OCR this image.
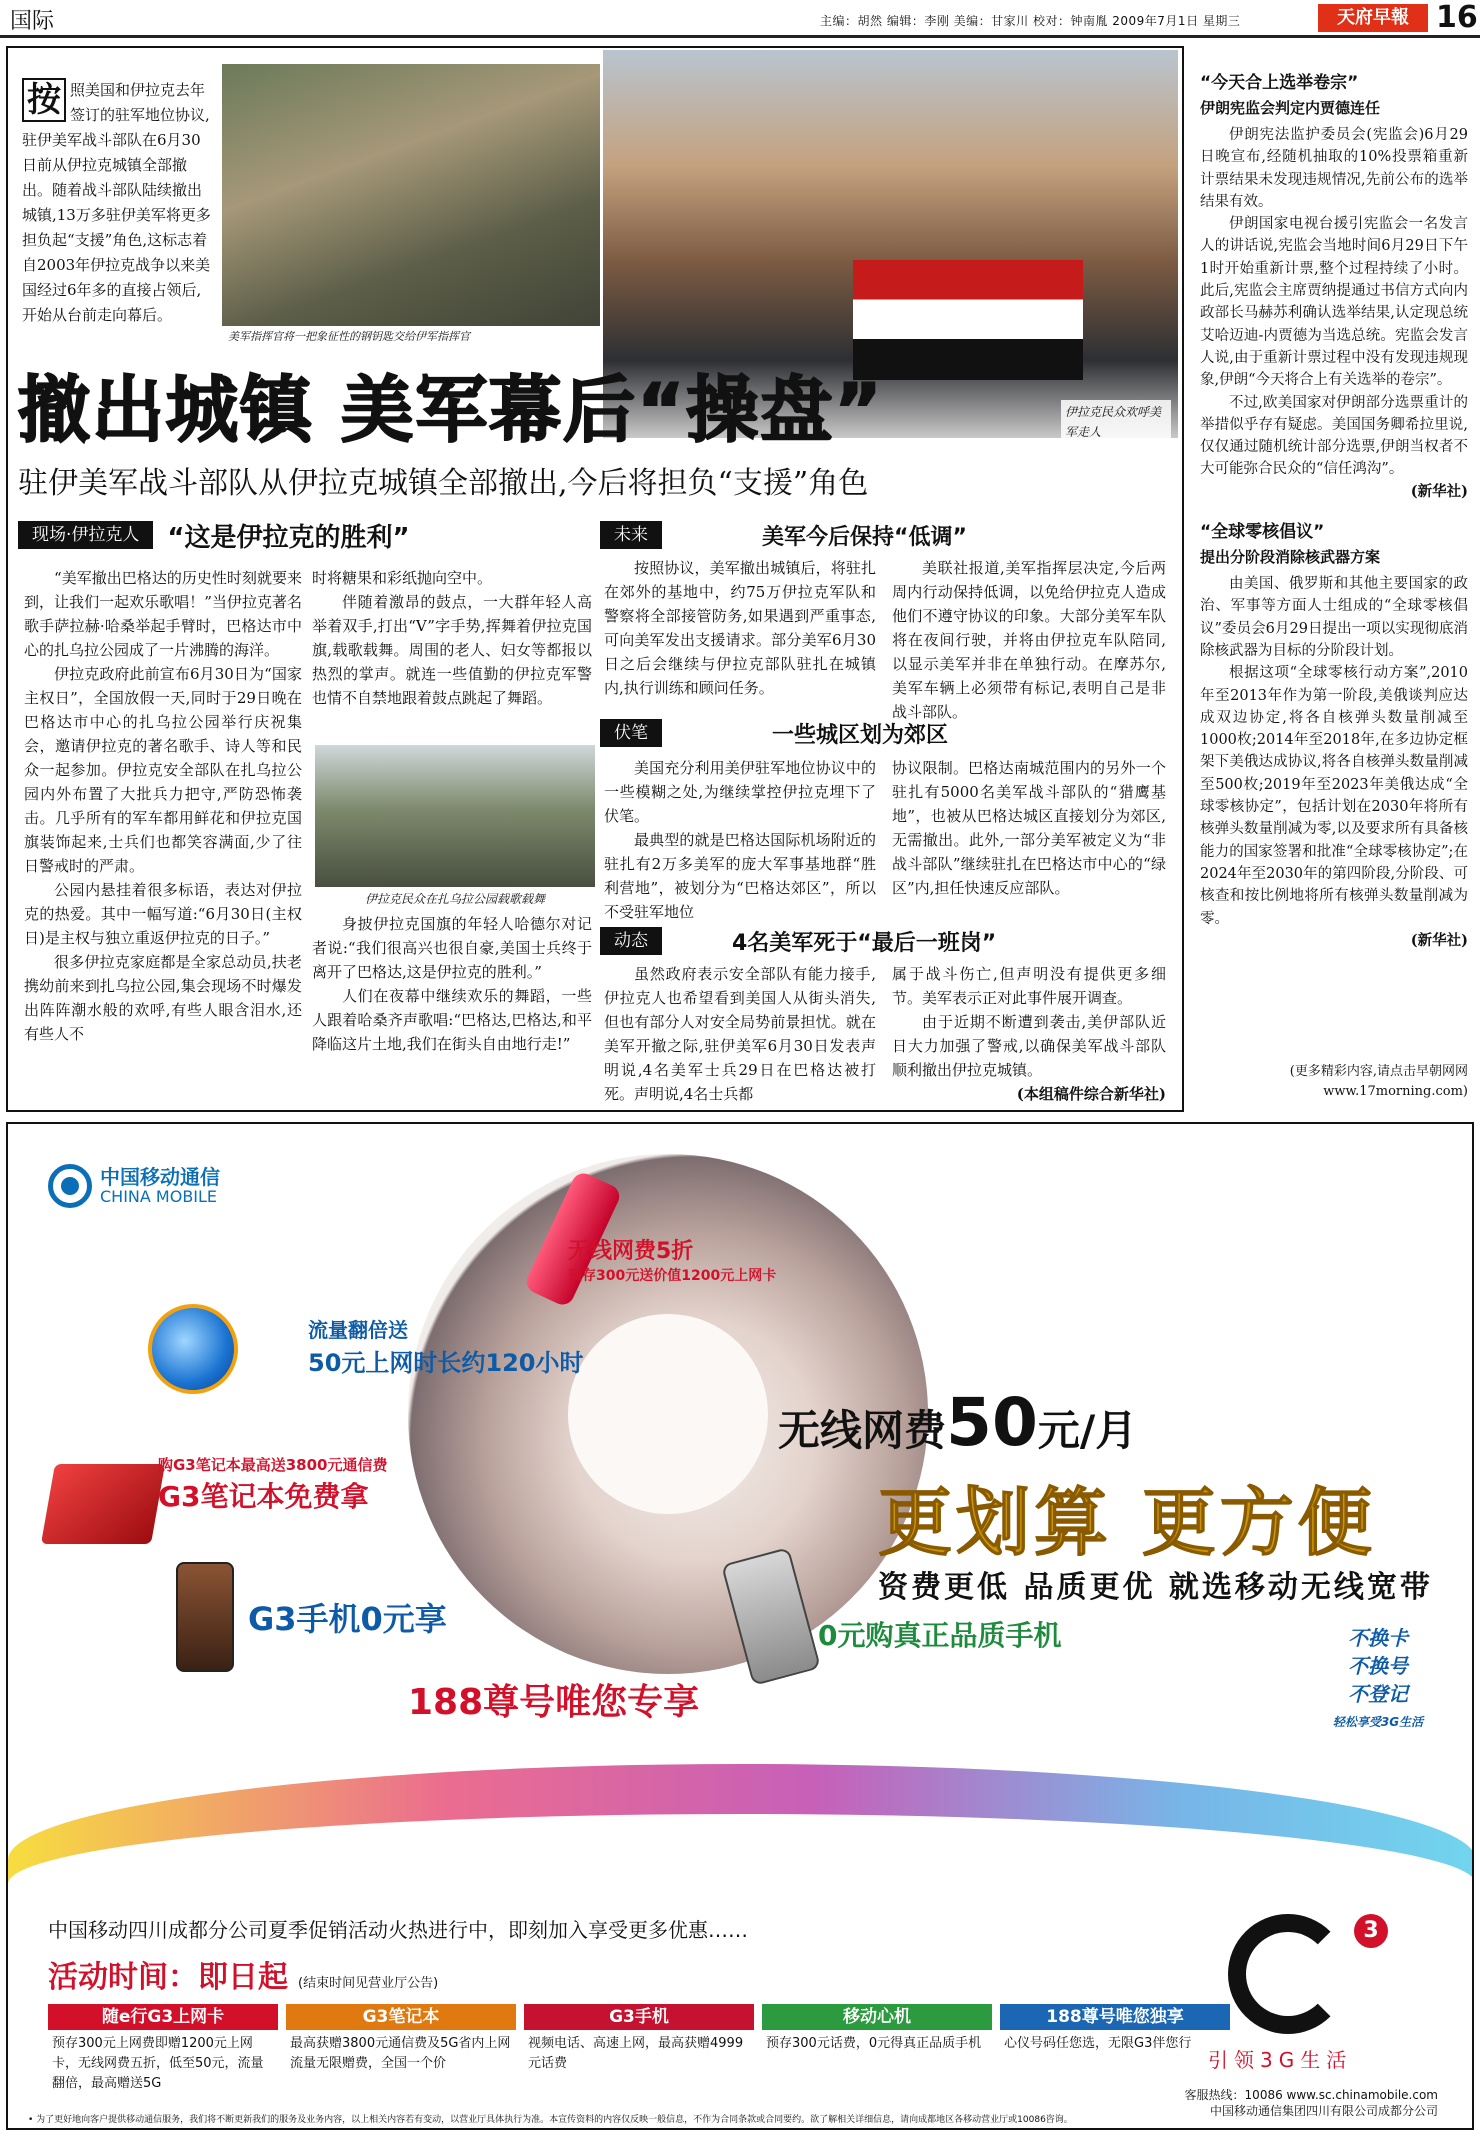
国际	主编：胡然 编辑：李刚 美编：甘家川 校对：钟南胤 2009年7月1日 星期三	天府早報 16
按 照美国和伊拉克去年签订的驻军地位协议,驻伊美军战斗部队在6月30日前从伊拉克城镇全部撤出。随着战斗部队陆续撤出城镇,13万多驻伊美军将更多担负起“支援”角色,这标志着自2003年伊拉克战争以来美国经过6年多的直接占领后,开始从台前走向幕后。
美军指挥官将一把象征性的钢钥匙交给伊军指挥官
伊拉克民众欢呼美军走人
撤出城镇 美军幕后“操盘”
驻伊美军战斗部队从伊拉克城镇全部撤出,今后将担负“支援”角色
现场·伊拉克人	“这是伊拉克的胜利”

“美军撤出巴格达的历史性时刻就要来到，让我们一起欢乐歌唱！”当伊拉克著名歌手萨拉赫·哈桑举起手臂时，巴格达市中心的扎乌拉公园成了一片沸腾的海洋。

伊拉克政府此前宣布6月30日为“国家主权日”，全国放假一天,同时于29日晚在巴格达市中心的扎乌拉公园举行庆祝集会，邀请伊拉克的著名歌手、诗人等和民众一起参加。伊拉克安全部队在扎乌拉公园内外布置了大批兵力把守,严防恐怖袭击。几乎所有的军车都用鲜花和伊拉克国旗装饰起来,士兵们也都笑容满面,少了往日警戒时的严肃。

公园内悬挂着很多标语，表达对伊拉克的热爱。其中一幅写道:“6月30日(主权日)是主权与独立重返伊拉克的日子。”

很多伊拉克家庭都是全家总动员,扶老携幼前来到扎乌拉公园,集会现场不时爆发出阵阵潮水般的欢呼,有些人眼含泪水,还有些人不

时将糖果和彩纸抛向空中。

伴随着激昂的鼓点，一大群年轻人高举着双手,打出“V”字手势,挥舞着伊拉克国旗,载歌载舞。周围的老人、妇女等都报以热烈的掌声。就连一些值勤的伊拉克军警也情不自禁地跟着鼓点跳起了舞蹈。

伊拉克民众在扎乌拉公园载歌载舞

身披伊拉克国旗的年轻人哈德尔对记者说:“我们很高兴也很自豪,美国士兵终于离开了巴格达,这是伊拉克的胜利。”

人们在夜幕中继续欢乐的舞蹈，一些人跟着哈桑齐声歌唱:“巴格达,巴格达,和平降临这片土地,我们在街头自由地行走!”

未来	美军今后保持“低调”

按照协议，美军撤出城镇后，将驻扎在郊外的基地中，约75万伊拉克军队和警察将全部接管防务,如果遇到严重事态,可向美军发出支援请求。部分美军6月30日之后会继续与伊拉克部队驻扎在城镇内,执行训练和顾问任务。

美联社报道,美军指挥层决定,今后两周内行动保持低调，以免给伊拉克人造成他们不遵守协议的印象。大部分美军车队将在夜间行驶，并将由伊拉克车队陪同,以显示美军并非在单独行动。在摩苏尔,美军车辆上必须带有标记,表明自己是非战斗部队。

伏笔	一些城区划为郊区

美国充分利用美伊驻军地位协议中的一些模糊之处,为继续掌控伊拉克埋下了伏笔。

最典型的就是巴格达国际机场附近的驻扎有2万多美军的庞大军事基地群“胜利营地”，被划分为“巴格达郊区”，所以不受驻军地位

协议限制。巴格达南城范围内的另外一个驻扎有5000名美军战斗部队的“猎鹰基地”，也被从巴格达城区直接划分为郊区,无需撤出。此外,一部分美军被定义为“非战斗部队”继续驻扎在巴格达市中心的“绿区”内,担任快速反应部队。

动态	4名美军死于“最后一班岗”

虽然政府表示安全部队有能力接手,伊拉克人也希望看到美国人从街头消失,但也有部分人对安全局势前景担忧。就在美军开撤之际,驻伊美军6月30日发表声明说,4名美军士兵29日在巴格达被打死。声明说,4名士兵都

属于战斗伤亡,但声明没有提供更多细节。美军表示正对此事件展开调查。

由于近期不断遭到袭击,美伊部队近日大力加强了警戒,以确保美军战斗部队顺利撤出伊拉克城镇。

(本组稿件综合新华社)
“今天合上选举卷宗”
伊朗宪监会判定内贾德连任

伊朗宪法监护委员会(宪监会)6月29日晚宣布,经随机抽取的10%投票箱重新计票结果未发现违规情况,先前公布的选举结果有效。

伊朗国家电视台援引宪监会一名发言人的讲话说,宪监会当地时间6月29日下午1时开始重新计票,整个过程持续了小时。此后,宪监会主席贾纳提通过书信方式向内政部长马赫苏利确认选举结果,认定现总统艾哈迈迪-内贾德为当选总统。宪监会发言人说,由于重新计票过程中没有发现违规现象,伊朗“今天将合上有关选举的卷宗”。

不过,欧美国家对伊朗部分选票重计的举措似乎存有疑虑。美国国务卿希拉里说,仅仅通过随机统计部分选票,伊朗当权者不大可能弥合民众的“信任鸿沟”。

(新华社)
“全球零核倡议”
提出分阶段消除核武器方案

由美国、俄罗斯和其他主要国家的政治、军事等方面人士组成的“全球零核倡议”委员会6月29日提出一项以实现彻底消除核武器为目标的分阶段计划。

根据这项“全球零核行动方案”,2010年至2013年作为第一阶段,美俄谈判应达成双边协定,将各自核弹头数量削减至1000枚;2014年至2018年,在多边协定框架下美俄达成协议,将各自核弹头数量削减至500枚;2019年至2023年美俄达成“全球零核协定”，包括计划在2030年将所有核弹头数量削减为零,以及要求所有具备核能力的国家签署和批准“全球零核协定”;在2024年至2030年的第四阶段,分阶段、可核查和按比例地将所有核弹头数量削减为零。

(新华社)
(更多精彩内容,请点击早朝网网
www.17morning.com)
中国移动通信
CHINA MOBILE
无线网费5折
预存300元送价值1200元上网卡
流量翻倍送
50元上网时长约120小时
购G3笔记本最高送3800元通信费
G3笔记本免费拿
G3手机0元享
188尊号唯您专享
0元购真正品质手机
无线网费50元/月
更划算 更方便
资费更低 品质更优 就选移动无线宽带
不换卡
不换号
不登记
轻松享受3G生活
中国移动四川成都分公司夏季促销活动火热进行中，即刻加入享受更多优惠……
活动时间：即日起 (结束时间见营业厅公告)
随e行G3上网卡
预存300元上网费即赠1200元上网卡，无线网费五折，低至50元，流量翻倍，最高赠送5G
G3笔记本
最高获赠3800元通信费及5G省内上网流量无限赠费，全国一个价
G3手机
视频电话、高速上网，最高获赠4999元话费
移动心机
预存300元话费，0元得真正品质手机
188尊号唯您独享
心仪号码任您选，无限G3伴您行
3
引领3G生活
客服热线：10086 www.sc.chinamobile.com
中国移动通信集团四川有限公司成都分公司
• 为了更好地向客户提供移动通信服务，我们将不断更新我们的服务及业务内容，以上相关内容若有变动，以营业厅具体执行为准。本宣传资料的内容仅反映一般信息，不作为合同条款或合同要约。欲了解相关详细信息，请向成都地区各移动营业厅或10086咨询。
